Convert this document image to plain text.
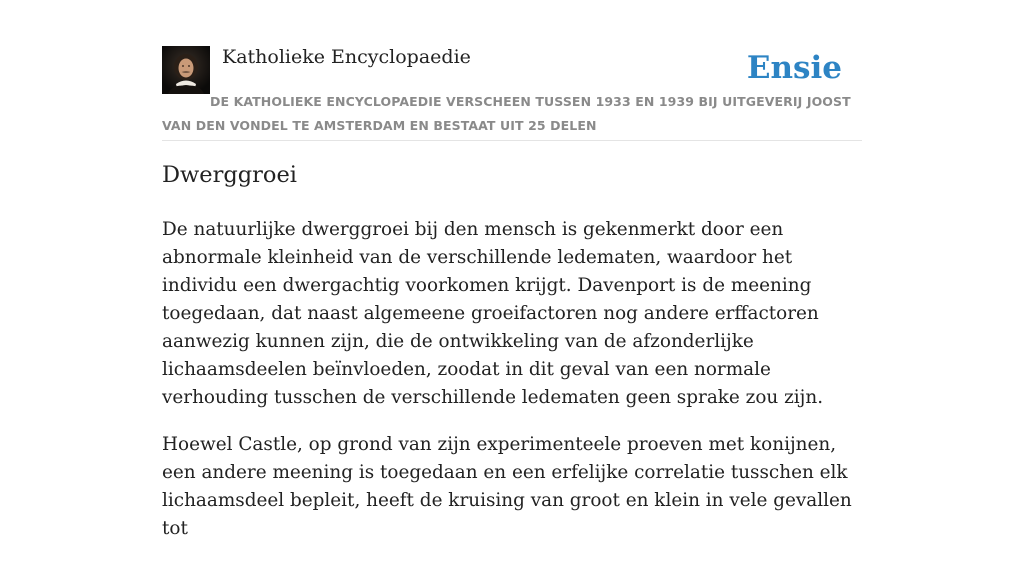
Katholieke Encyclopaedie	Ensie
DE KATHOLIEKE ENCYCLOPAEDIE VERSCHEEN TUSSEN 1933 EN 1939 BIJ UITGEVERIJ JOOST VAN DEN VONDEL TE AMSTERDAM EN BESTAAT UIT 25 DELEN
Dwerggroei

De natuurlijke dwerggroei bij den mensch is gekenmerkt door een abnormale kleinheid van de verschillende ledematen, waardoor het individu een dwergachtig voorkomen krijgt. Davenport is de meening toegedaan, dat naast algemeene groeifactoren nog andere erffactoren aanwezig kunnen zijn, die de ontwikkeling van de afzonderlijke lichaamsdeelen beïnvloeden, zoodat in dit geval van een normale verhouding tusschen de verschillende ledematen geen sprake zou zijn.

Hoewel Castle, op grond van zijn experimenteele proeven met konijnen, een andere meening is toegedaan en een erfelijke correlatie tusschen elk lichaamsdeel bepleit, heeft de kruising van groot en klein in vele gevallen tot
